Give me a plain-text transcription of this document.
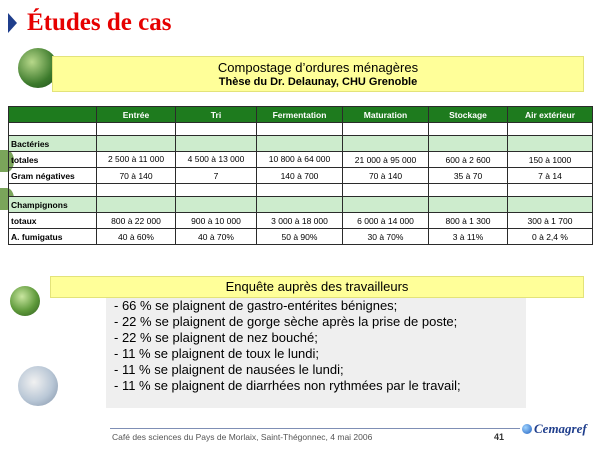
Études de cas
Compostage d’ordures ménagères
Thèse du Dr. Delaunay, CHU Grenoble
	Entrée	Tri	Fermentation	Maturation	Stockage	Air extérieur

Bactéries						
totales	2 500 à 11 000	4 500 à 13 000	10 800 à 64 000	21 000 à 95 000	600 à 2 600	150 à 1000
Gram négatives	70 à 140	7	140 à 700	70 à 140	35 à 70	7 à 14

Champignons						
totaux	800 à 22 000	900 à 10 000	3 000 à 18 000	6 000 à 14 000	800 à 1 300	300 à 1 700
A. fumigatus	40 à 60%	40 à 70%	50 à 90%	30 à 70%	3 à 11%	0 à 2,4 %
Enquête auprès des travailleurs
- 66 % se plaignent de gastro-entérites bénignes;
- 22 % se plaignent de gorge sèche après la prise de poste;
- 22 % se plaignent de nez bouché;
- 11 % se plaignent de toux le lundi;
- 11 % se plaignent de nausées le lundi;
- 11 % se plaignent de diarrhées non rythmées par le travail;
Café des sciences du Pays de Morlaix, Saint-Thégonnec, 4 mai 2006	41
Cemagref
